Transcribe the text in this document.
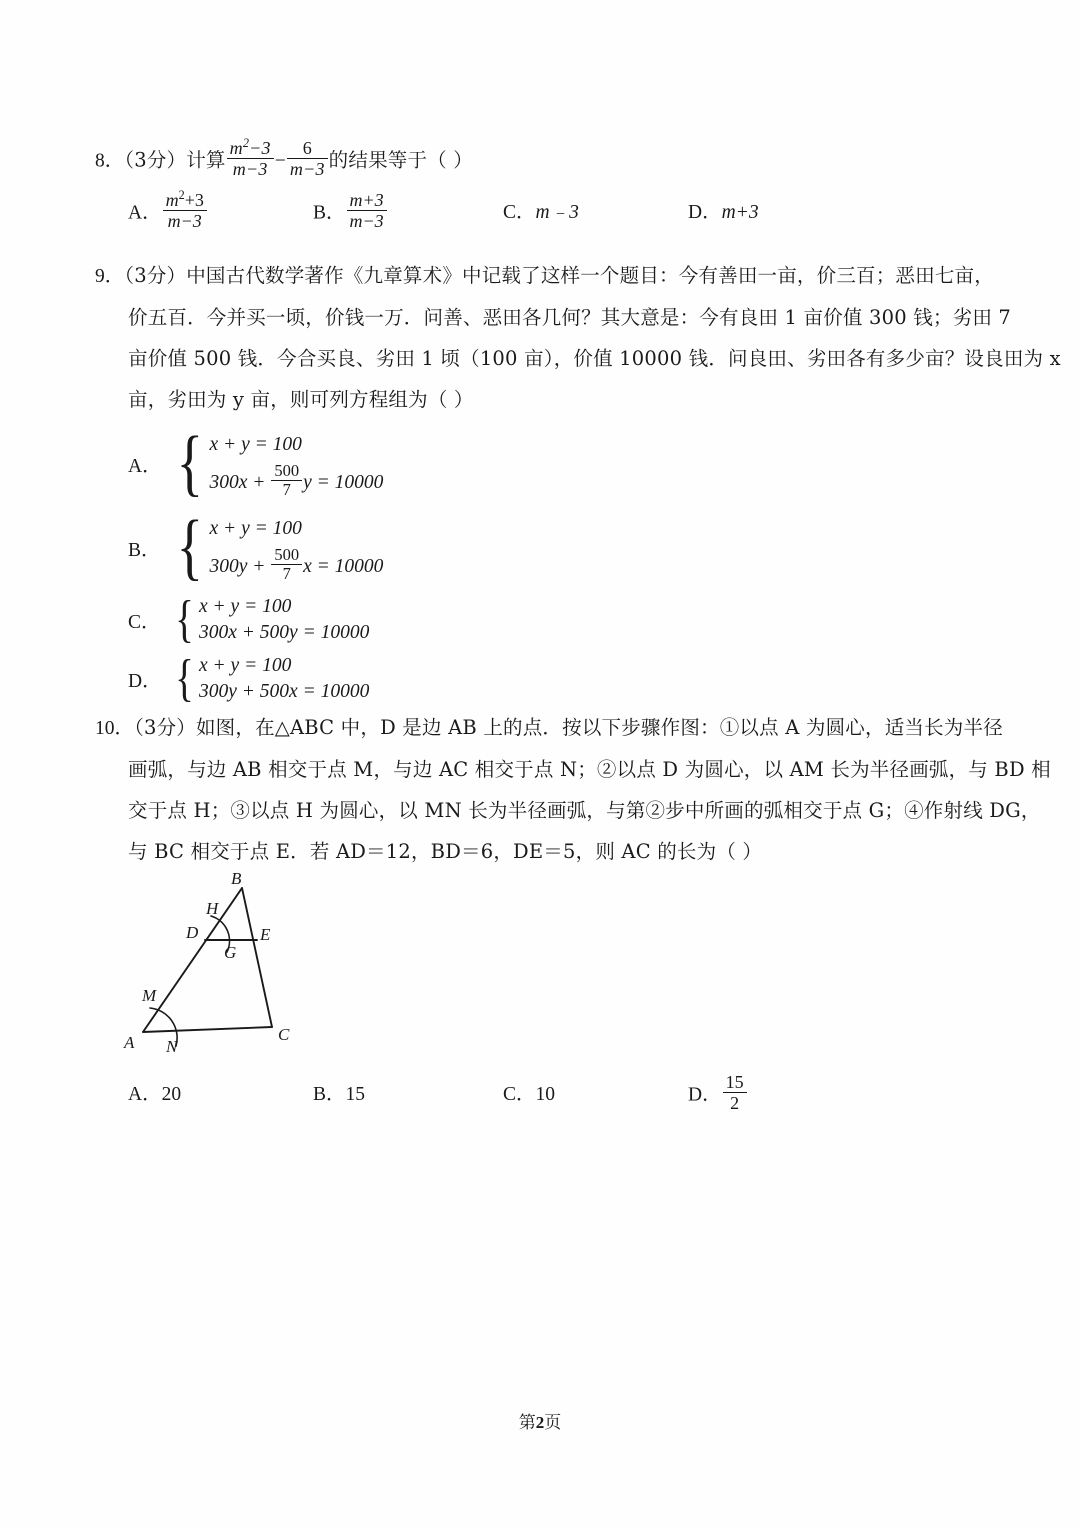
8．（3分）计算 $\frac{m^2-3}{m-3} - \frac{6}{m-3}$ 的结果等于（ ）
A． $\frac{m^2+3}{m-3}$	B． $\frac{m+3}{m-3}$	C．m﹣3	D．m+3
9．（3分）中国古代数学著作《九章算术》中记载了这样一个题目：今有善田一亩，价三百；恶田七亩，
价五百．今并买一顷，价钱一万．问善、恶田各几何？其大意是：今有良田 1 亩价值 300 钱；劣田 7
亩价值 500 钱．今合买良、劣田 1 顷（100 亩），价值 10000 钱．问良田、劣田各有多少亩？设良田为 x
亩，劣田为 y 亩，则可列方程组为（ ）
A． { x + y = 100
$300x + \frac{500}{7}$ y = 10000
B． { x + y = 100
$300y + \frac{500}{7}$ x = 10000
C． { x + y = 100
300x + 500y = 10000
D． { x + y = 100
300y + 500x = 10000
10．（3分）如图，在△ABC 中，D 是边 AB 上的点．按以下步骤作图：①以点 A 为圆心，适当长为半径
画弧，与边 AB 相交于点 M，与边 AC 相交于点 N；②以点 D 为圆心，以 AM 长为半径画弧，与 BD 相
交于点 H；③以点 H 为圆心，以 MN 长为半径画弧，与第②步中所画的弧相交于点 G；④作射线 DG，
与 BC 相交于点 E．若 AD＝12，BD＝6，DE＝5，则 AC 的长为（ ）
B
H
D	E
G
M
A N
C
A．20	B．15	C．10	D． $\frac{15}{2}$
第2页
